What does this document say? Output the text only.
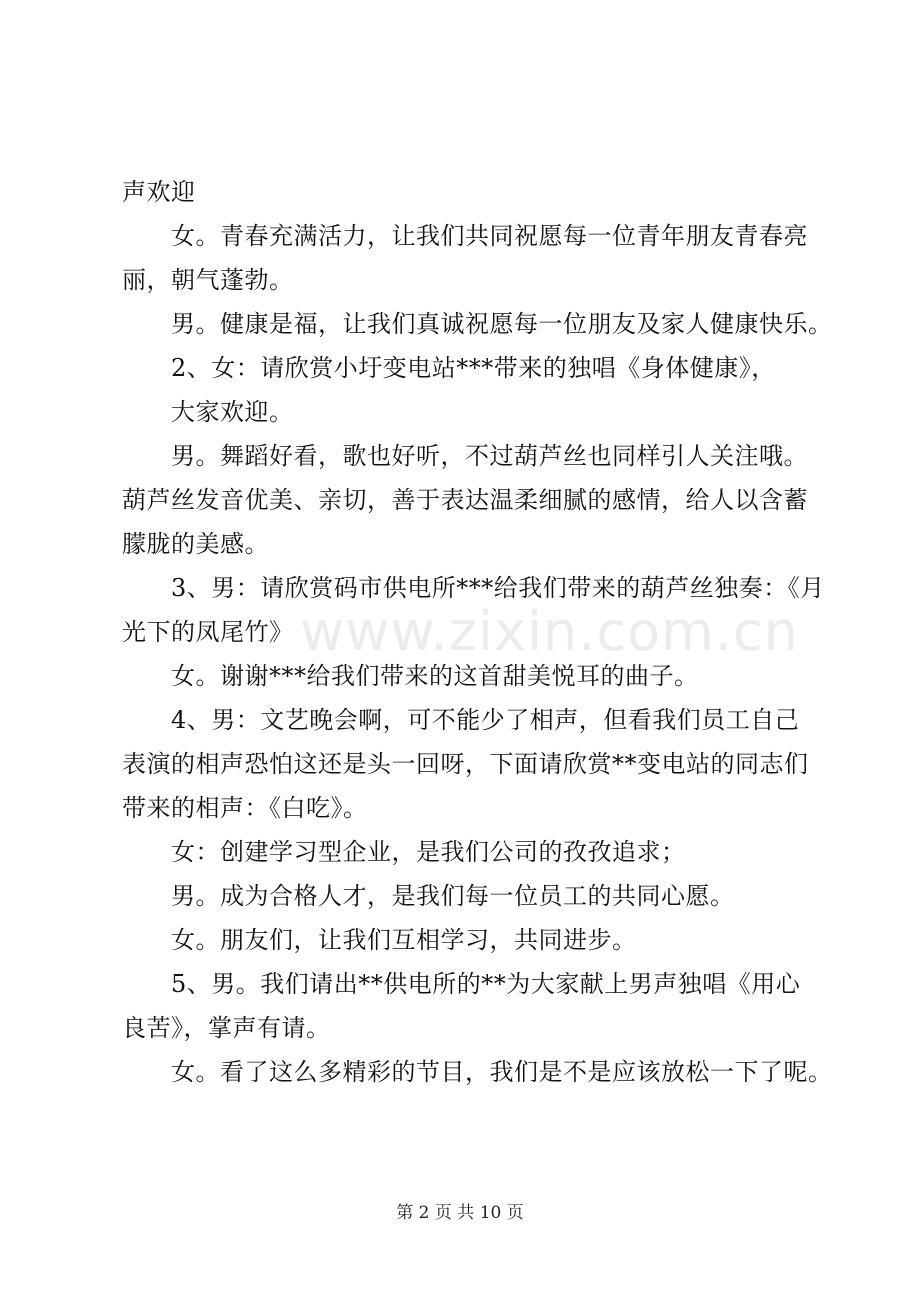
www.zixin.com.cn
声欢迎
女。青春充满活力，让我们共同祝愿每一位青年朋友青春亮
丽，朝气蓬勃。
男。健康是福，让我们真诚祝愿每一位朋友及家人健康快乐。
2、女：请欣赏小圩变电站***带来的独唱《身体健康》，
大家欢迎。
男。舞蹈好看，歌也好听，不过葫芦丝也同样引人关注哦。
葫芦丝发音优美、亲切，善于表达温柔细腻的感情，给人以含蓄
朦胧的美感。
3、男：请欣赏码市供电所***给我们带来的葫芦丝独奏：《月
光下的凤尾竹》
女。谢谢***给我们带来的这首甜美悦耳的曲子。
4、男：文艺晚会啊，可不能少了相声，但看我们员工自己
表演的相声恐怕这还是头一回呀，下面请欣赏**变电站的同志们
带来的相声：《白吃》。
女：创建学习型企业，是我们公司的孜孜追求；
男。成为合格人才，是我们每一位员工的共同心愿。
女。朋友们，让我们互相学习，共同进步。
5、男。我们请出**供电所的**为大家献上男声独唱《用心
良苦》，掌声有请。
女。看了这么多精彩的节目，我们是不是应该放松一下了呢。
第 2 页 共 10 页
